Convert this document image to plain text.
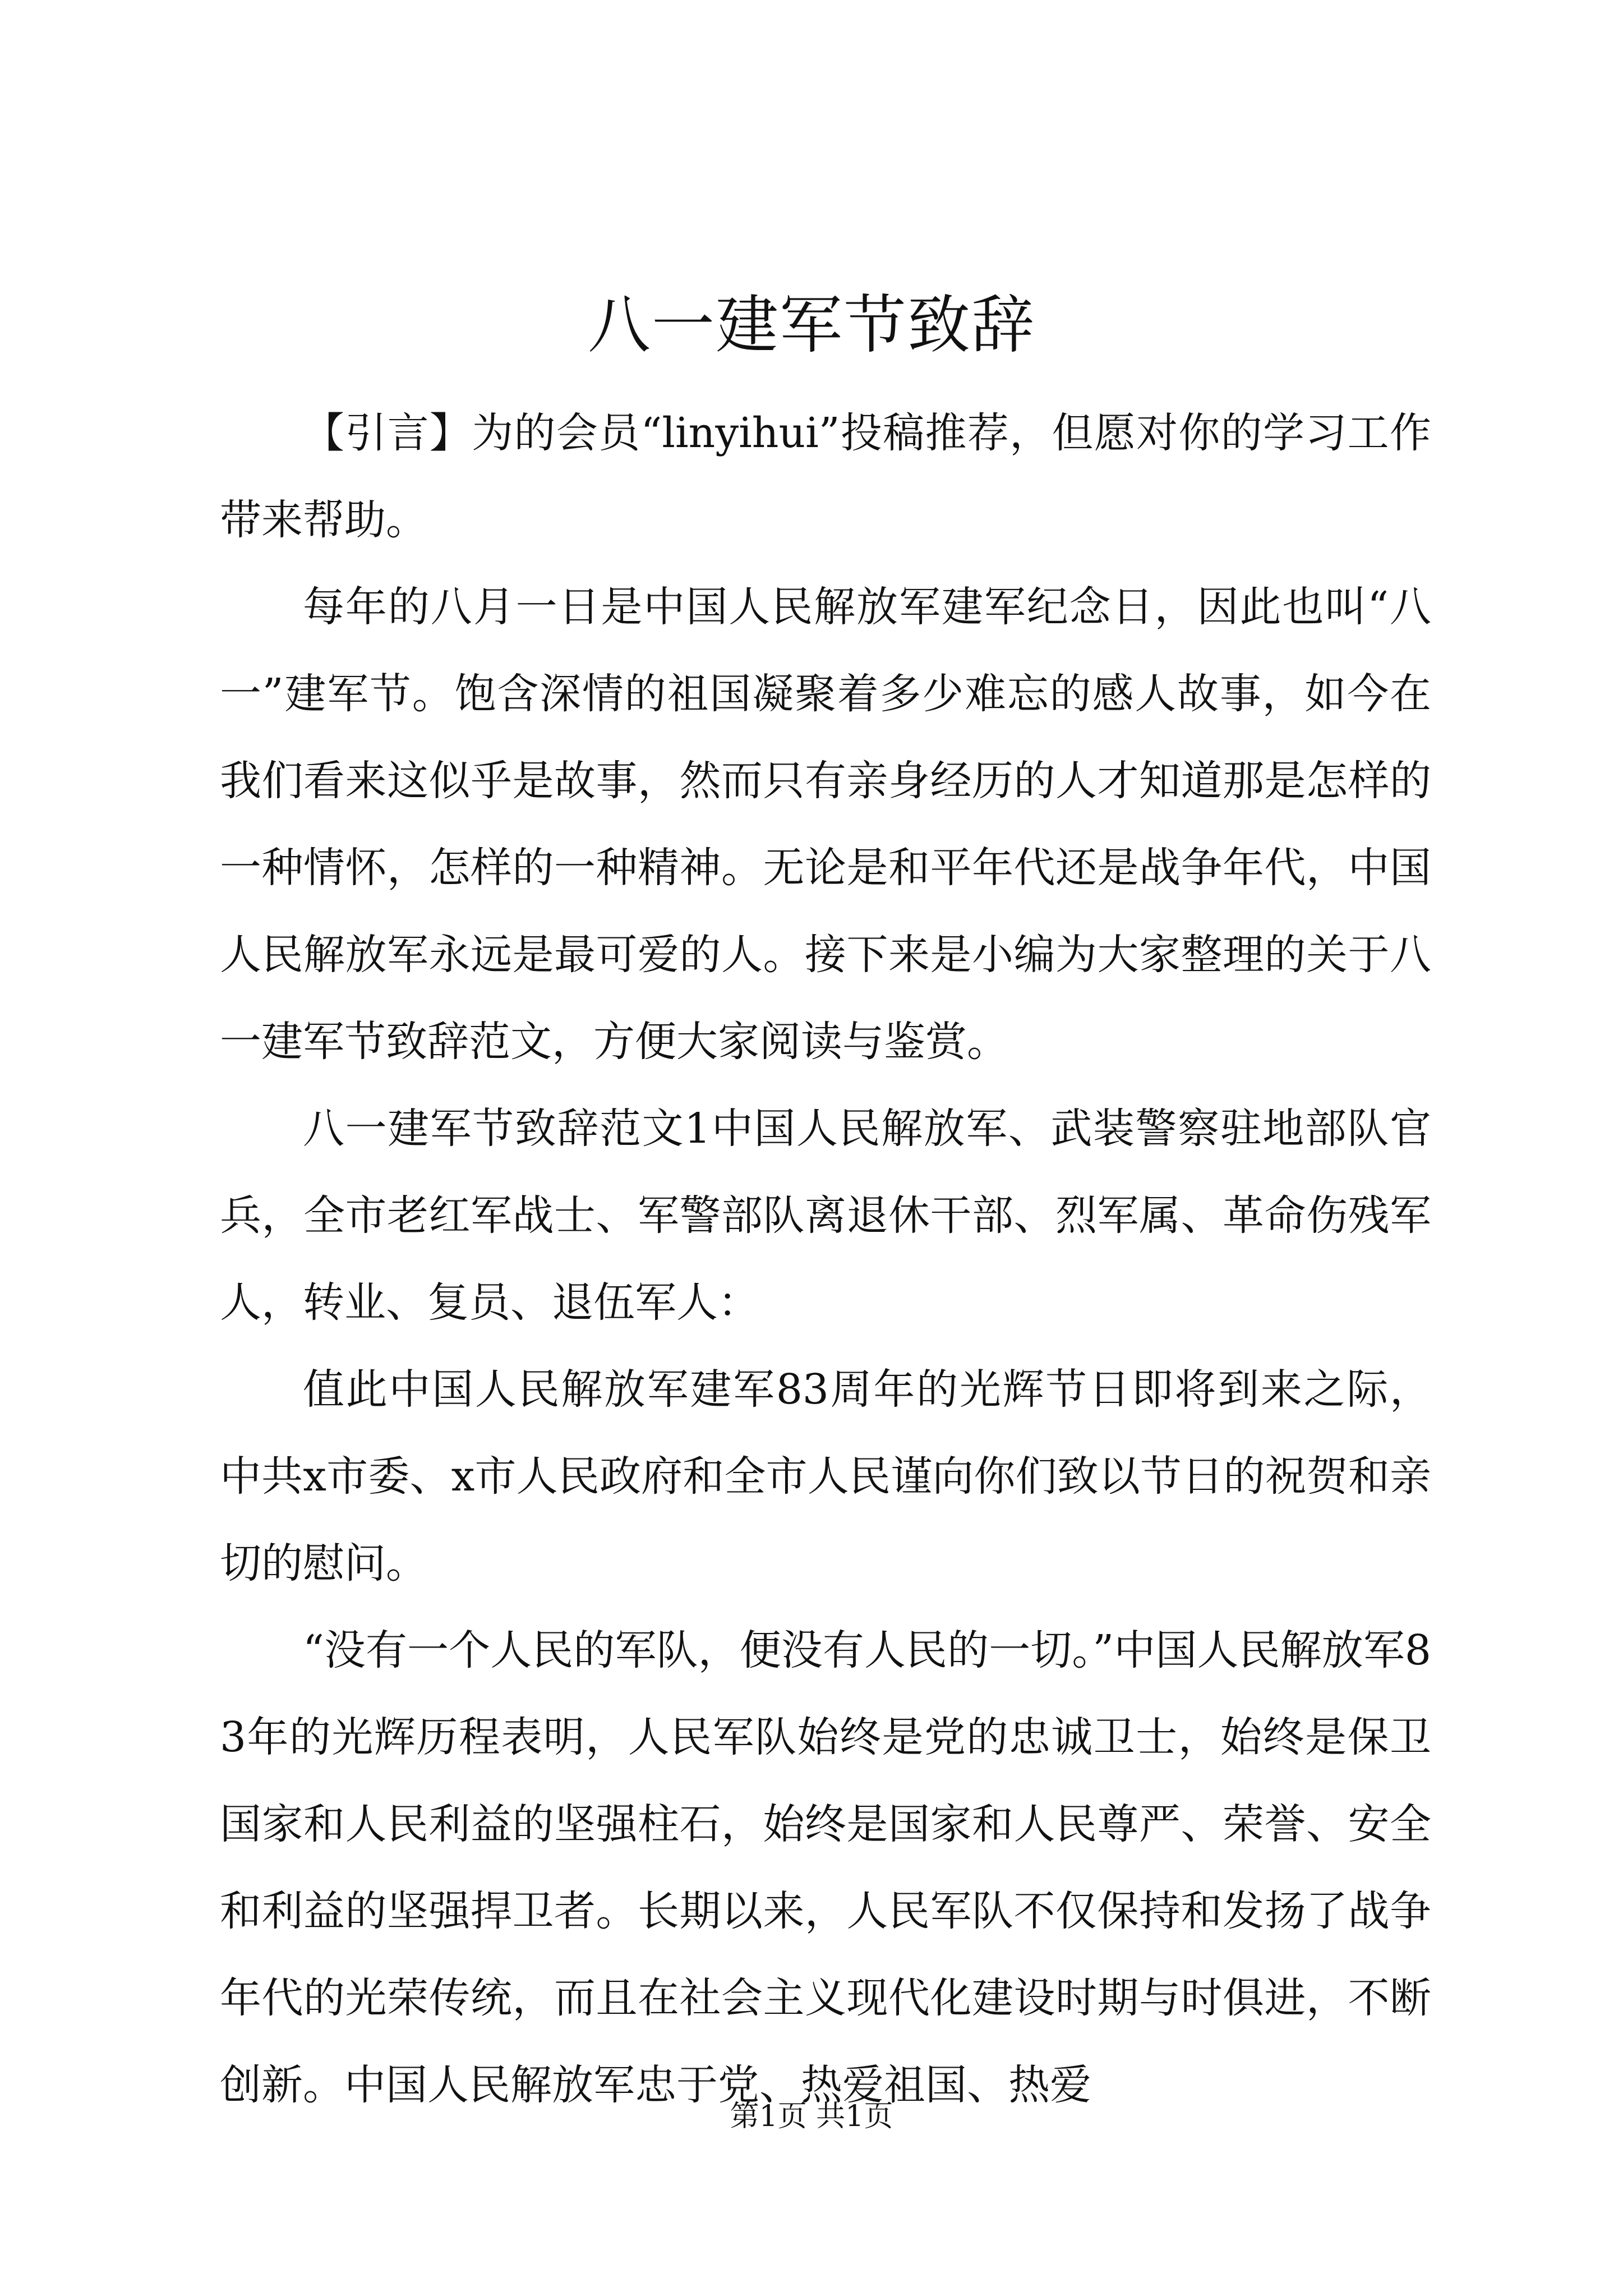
八一建军节致辞

【引言】为的会员“linyihui”投稿推荐，但愿对你的学习工作带来帮助。

每年的八月一日是中国人民解放军建军纪念日，因此也叫“八一”建军节。饱含深情的祖国凝聚着多少难忘的感人故事，如今在我们看来这似乎是故事，然而只有亲身经历的人才知道那是怎样的一种情怀，怎样的一种精神。无论是和平年代还是战争年代，中国人民解放军永远是最可爱的人。接下来是小编为大家整理的关于八一建军节致辞范文，方便大家阅读与鉴赏。

八一建军节致辞范文1中国人民解放军、武装警察驻地部队官兵，全市老红军战士、军警部队离退休干部、烈军属、革命伤残军人，转业、复员、退伍军人：

值此中国人民解放军建军83周年的光辉节日即将到来之际，中共x市委、x市人民政府和全市人民谨向你们致以节日的祝贺和亲切的慰问。

“没有一个人民的军队，便没有人民的一切。”中国人民解放军83年的光辉历程表明，人民军队始终是党的忠诚卫士，始终是保卫国家和人民利益的坚强柱石，始终是国家和人民尊严、荣誉、安全和利益的坚强捍卫者。长期以来，人民军队不仅保持和发扬了战争年代的光荣传统，而且在社会主义现代化建设时期与时俱进，不断创新。中国人民解放军忠于党、热爱祖国、热爱

第1页 共1页
